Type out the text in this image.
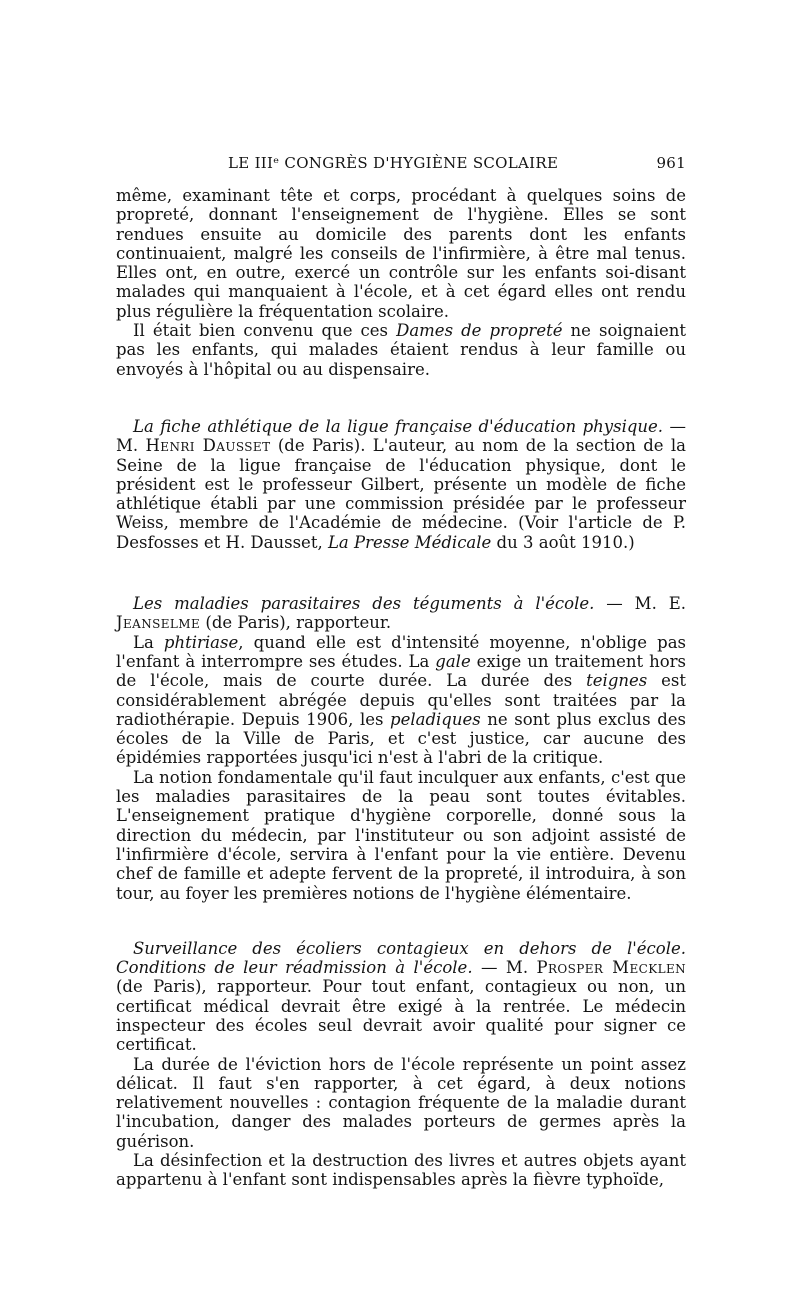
LE IIIᵉ CONGRÈS D'HYGIÈNE SCOLAIRE	961

même, examinant tête et corps, procédant à quelques soins de propreté, donnant l'enseignement de l'hygiène. Elles se sont rendues ensuite au domicile des parents dont les enfants continuaient, malgré les conseils de l'infirmière, à être mal tenus. Elles ont, en outre, exercé un contrôle sur les enfants soi-disant malades qui manquaient à l'école, et à cet égard elles ont rendu plus régulière la fréquentation scolaire.

Il était bien convenu que ces Dames de propreté ne soignaient pas les enfants, qui malades étaient rendus à leur famille ou envoyés à l'hôpital ou au dispensaire.

La fiche athlétique de la ligue française d'éducation physique. — M. Henri Dausset (de Paris). L'auteur, au nom de la section de la Seine de la ligue française de l'éducation physique, dont le président est le professeur Gilbert, présente un modèle de fiche athlétique établi par une commission présidée par le professeur Weiss, membre de l'Académie de médecine. (Voir l'article de P. Desfosses et H. Dausset, La Presse Médicale du 3 août 1910.)

Les maladies parasitaires des téguments à l'école. — M. E. Jeanselme (de Paris), rapporteur.

La phtiriase, quand elle est d'intensité moyenne, n'oblige pas l'enfant à interrompre ses études. La gale exige un traitement hors de l'école, mais de courte durée. La durée des teignes est considérablement abrégée depuis qu'elles sont traitées par la radiothérapie. Depuis 1906, les peladiques ne sont plus exclus des écoles de la Ville de Paris, et c'est justice, car aucune des épidémies rapportées jusqu'ici n'est à l'abri de la critique.

La notion fondamentale qu'il faut inculquer aux enfants, c'est que les maladies parasitaires de la peau sont toutes évitables. L'enseignement pratique d'hygiène corporelle, donné sous la direction du médecin, par l'instituteur ou son adjoint assisté de l'infirmière d'école, servira à l'enfant pour la vie entière. Devenu chef de famille et adepte fervent de la propreté, il introduira, à son tour, au foyer les premières notions de l'hygiène élémentaire.

Surveillance des écoliers contagieux en dehors de l'école. Conditions de leur réadmission à l'école. — M. Prosper Mecklen (de Paris), rapporteur. Pour tout enfant, contagieux ou non, un certificat médical devrait être exigé à la rentrée. Le médecin inspecteur des écoles seul devrait avoir qualité pour signer ce certificat.

La durée de l'éviction hors de l'école représente un point assez délicat. Il faut s'en rapporter, à cet égard, à deux notions relativement nouvelles : contagion fréquente de la maladie durant l'incubation, danger des malades porteurs de germes après la guérison.

La désinfection et la destruction des livres et autres objets ayant appartenu à l'enfant sont indispensables après la fièvre typhoïde,
